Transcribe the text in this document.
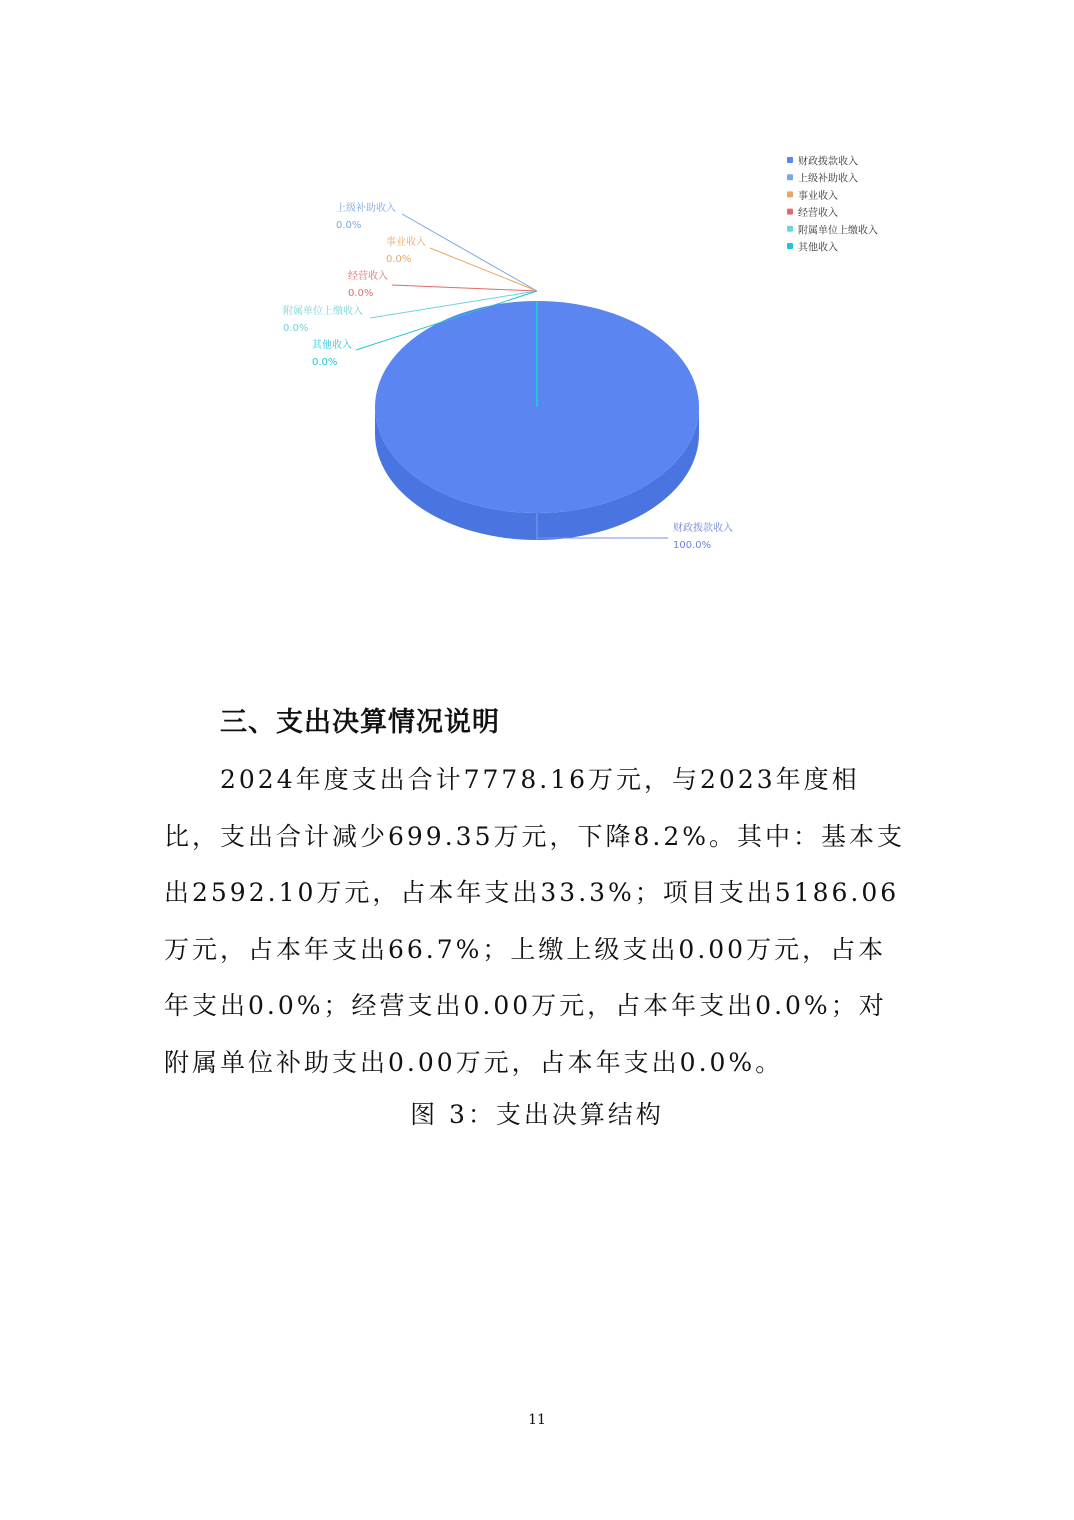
财政拨款收入
100.0%
上级补助收入
0.0%
事业收入
0.0%
经营收入
0.0%
附属单位上缴收入
0.0%
其他收入
0.0%
财政拨款收入
上级补助收入
事业收入
经营收入
附属单位上缴收入
其他收入
三、支出决算情况说明

2024年度支出合计7778.16万元，与2023年度相比，支出合计减少699.35万元，下降8.2%。其中：基本支出2592.10万元，占本年支出33.3%；项目支出5186.06万元，占本年支出66.7%；上缴上级支出0.00万元，占本年支出0.0%；经营支出0.00万元，占本年支出0.0%；对附属单位补助支出0.00万元，占本年支出0.0%。

图 3：支出决算结构

11
